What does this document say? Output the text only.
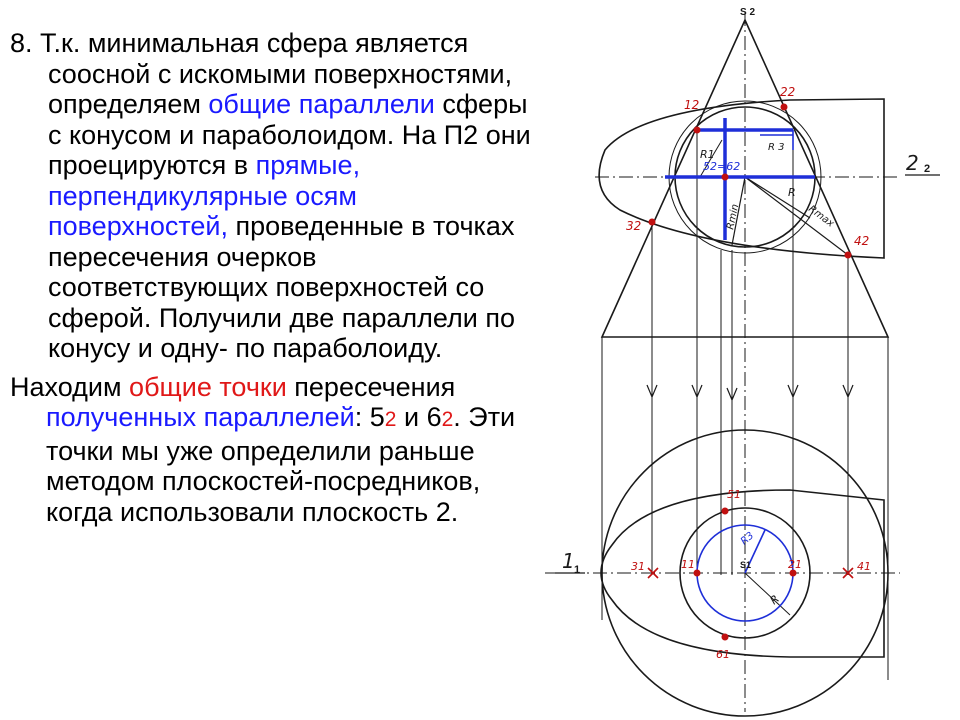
8. Т.к. минимальная сфера является соосной с искомыми поверхностями, определяем общие параллели сферы с конусом и параболоидом. На П2 они проецируются в прямые, перпендикулярные осям поверхностей, проведенные в точках пересечения очерков соответствующих поверхностей со сферой. Получили две параллели по конусу и одну- по параболоиду.

Находим общие точки пересечения полученных параллелей: 52 и 62. Эти точки мы уже определили раньше методом плоскостей-посредников, когда использовали плоскость 2.

S 2
12
22
32
42
52=62
R1
R 3
R
Rmin	Rmax
2 2
1 1	S1
31	11	21	41
51
61
R3
R
